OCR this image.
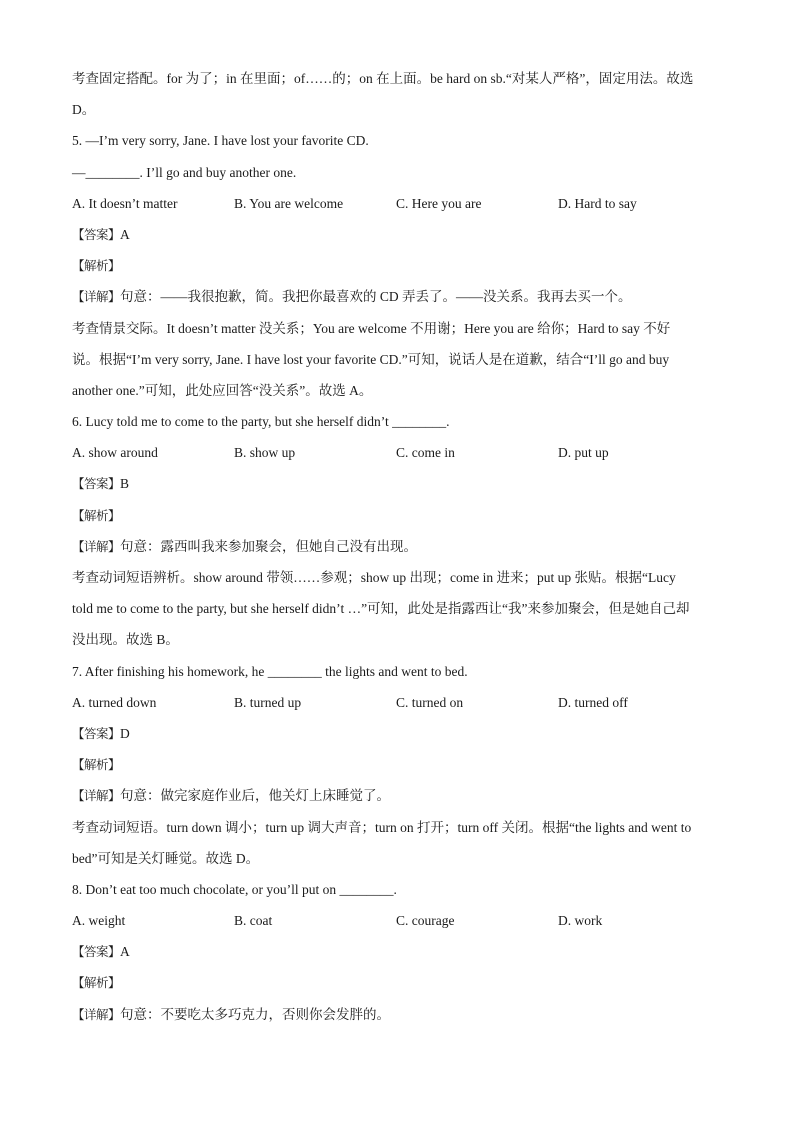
考查固定搭配。for 为了；in 在里面；of……的；on 在上面。be hard on sb.“对某人严格”，固定用法。故选
D。
5. —I’m very sorry, Jane. I have lost your favorite CD.
—________. I’ll go and buy another one.
A. It doesn’t matter	B. You are welcome	C. Here you are	D. Hard to say
【答案】A
【解析】
【详解】句意：——我很抱歉，简。我把你最喜欢的 CD 弄丢了。——没关系。我再去买一个。
考查情景交际。It doesn’t matter 没关系；You are welcome 不用谢；Here you are 给你；Hard to say 不好
说。根据“I’m very sorry, Jane. I have lost your favorite CD.”可知，说话人是在道歉，结合“I’ll go and buy
another one.”可知，此处应回答“没关系”。故选 A。
6. Lucy told me to come to the party, but she herself didn’t ________.
A. show around	B. show up	C. come in	D. put up
【答案】B
【解析】
【详解】句意：露西叫我来参加聚会，但她自己没有出现。
考查动词短语辨析。show around 带领……参观；show up 出现；come in 进来；put up 张贴。根据“Lucy
told me to come to the party, but she herself didn’t …”可知，此处是指露西让“我”来参加聚会，但是她自己却
没出现。故选 B。
7. After finishing his homework, he ________ the lights and went to bed.
A. turned down	B. turned up	C. turned on	D. turned off
【答案】D
【解析】
【详解】句意：做完家庭作业后，他关灯上床睡觉了。
考查动词短语。turn down 调小；turn up 调大声音；turn on 打开；turn off 关闭。根据“the lights and went to
bed”可知是关灯睡觉。故选 D。
8. Don’t eat too much chocolate, or you’ll put on ________.
A. weight	B. coat	C. courage	D. work
【答案】A
【解析】
【详解】句意：不要吃太多巧克力，否则你会发胖的。
